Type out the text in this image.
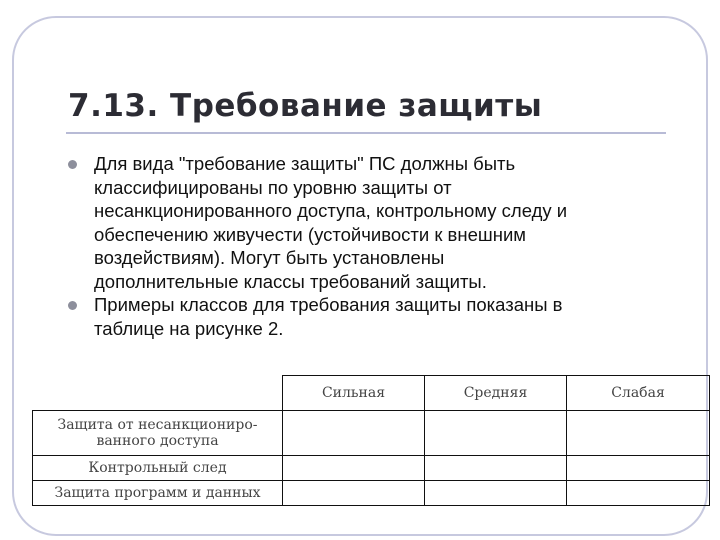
7.13. Требование защиты
Для вида "требование защиты" ПС должны быть
классифицированы по уровню защиты от
несанкционированного доступа, контрольному следу и
обеспечению живучести (устойчивости к внешним
воздействиям). Могут быть установлены
дополнительные классы требований защиты.
Примеры классов для требования защиты показаны в
таблице на рисунке 2.
	Сильная	Средняя	Слабая
Защита от несанкциониро-
ванного доступа			
Контрольный след			
Защита программ и данных			
